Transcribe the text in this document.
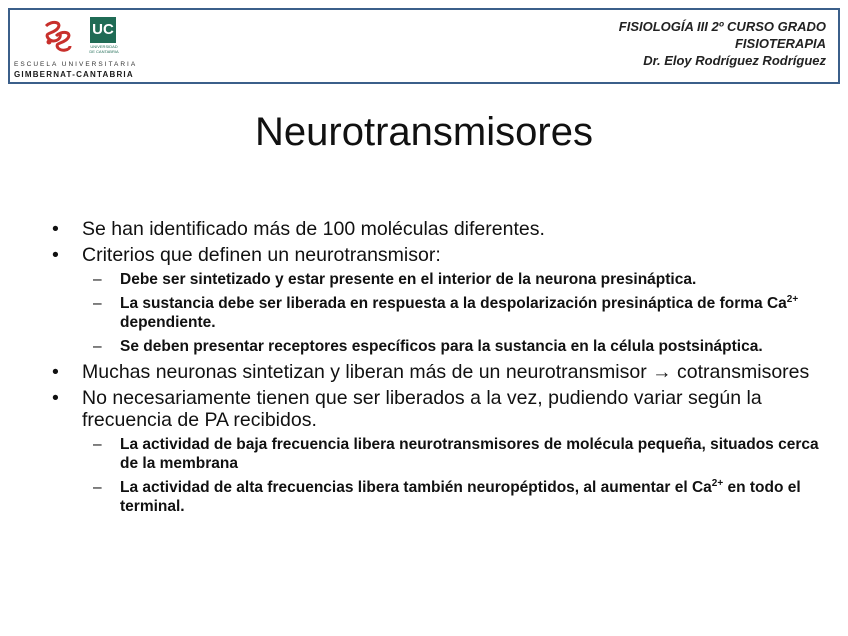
UC
UNIVERSIDAD DE CANTABRIA
ESCUELA UNIVERSITARIA
GIMBERNAT-CANTABRIA
FISIOLOGÍA III 2º CURSO GRADO
FISIOTERAPIA
Dr. Eloy Rodríguez Rodríguez
Neurotransmisores
• Se han identificado más de 100 moléculas diferentes.
• Criterios que definen un neurotransmisor:
– Debe ser sintetizado y estar presente en el interior de la neurona presináptica.
– La sustancia debe ser liberada en respuesta a la despolarización presináptica de forma $Ca^{2+}$ dependiente.
– Se deben presentar receptores específicos para la sustancia en la célula postsináptica.
• Muchas neuronas sintetizan y liberan más de un neurotransmisor → cotransmisores
• No necesariamente tienen que ser liberados a la vez, pudiendo variar según la frecuencia de PA recibidos.
– La actividad de baja frecuencia libera neurotransmisores de molécula pequeña, situados cerca de la membrana
– La actividad de alta frecuencias libera también neuropéptidos, al aumentar el $Ca^{2+}$ en todo el terminal.
